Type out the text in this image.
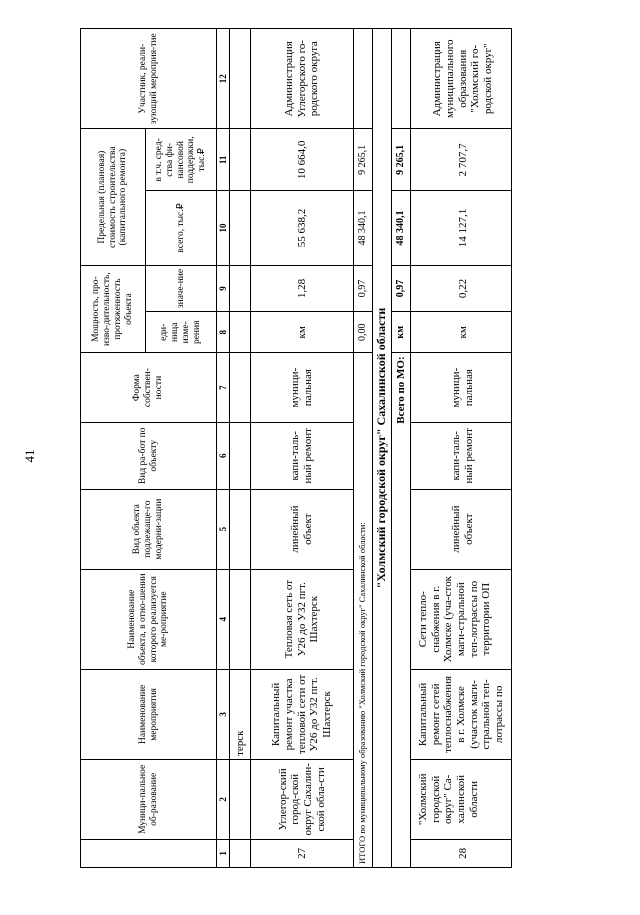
41
	Муници-пальное об-разование	Наименование мероприятия	Наименование объекта, в отно-шении которого реализуется ме-роприятие	Вид объекта подлежаще-го модерни-зации	Вид ра-бот по объекту	Форма собствен-ности	Мощность, про-изво-дительность, протяженность объекта		Предельная (плановая) стоимость строительства (капитального ремонта)		Участник, реали-зующий мероприя-тие
							еди-ница изме-рения	значе-ние	всего, тыс.₽	в т.ч. сред-ства фи-нансовой поддержки, тыс.₽	

1	2	3	4	5	6	7	8	9	10	11	12
		терск									
27	Углегор-ский город-ской округ Сахалин-ской обла-сти	Капитальный ремонт участка тепловой сети от У26 до У32 пгт. Шахтерск	Тепловая сеть от У26 до У32 пгт. Шахтерск	линейный объект	капи-таль-ный ремонт	муници-пальная	км	1,28	55 638,2	10 664,0	Администрация Углегорского го-родского округа
ИТОГО по муниципальному образованию "Холмский городской округ" Сахалинской области:							0,00	0,97	48 340,1	9 265,1	
"Холмский городской округ" Сахалинской области											
Всего по МО:							км	0,97	48 340,1	9 265,1	
28	"Холмский городской округ" Са-халинской области	Капитальный ремонт сетей теплоснабжения в г. Холмске (участок маги-стральной теп-лотрассы по	Сети тепло-снабжения в г. Холмске (уча-сток маги-стральной теп-лотрассы по территории ОП	линейный объект	капи-таль-ный ремонт	муници-пальная	км	0,22	14 127,1	2 707,7	Администрация муниципального образования "Холмский го-родской округ"
